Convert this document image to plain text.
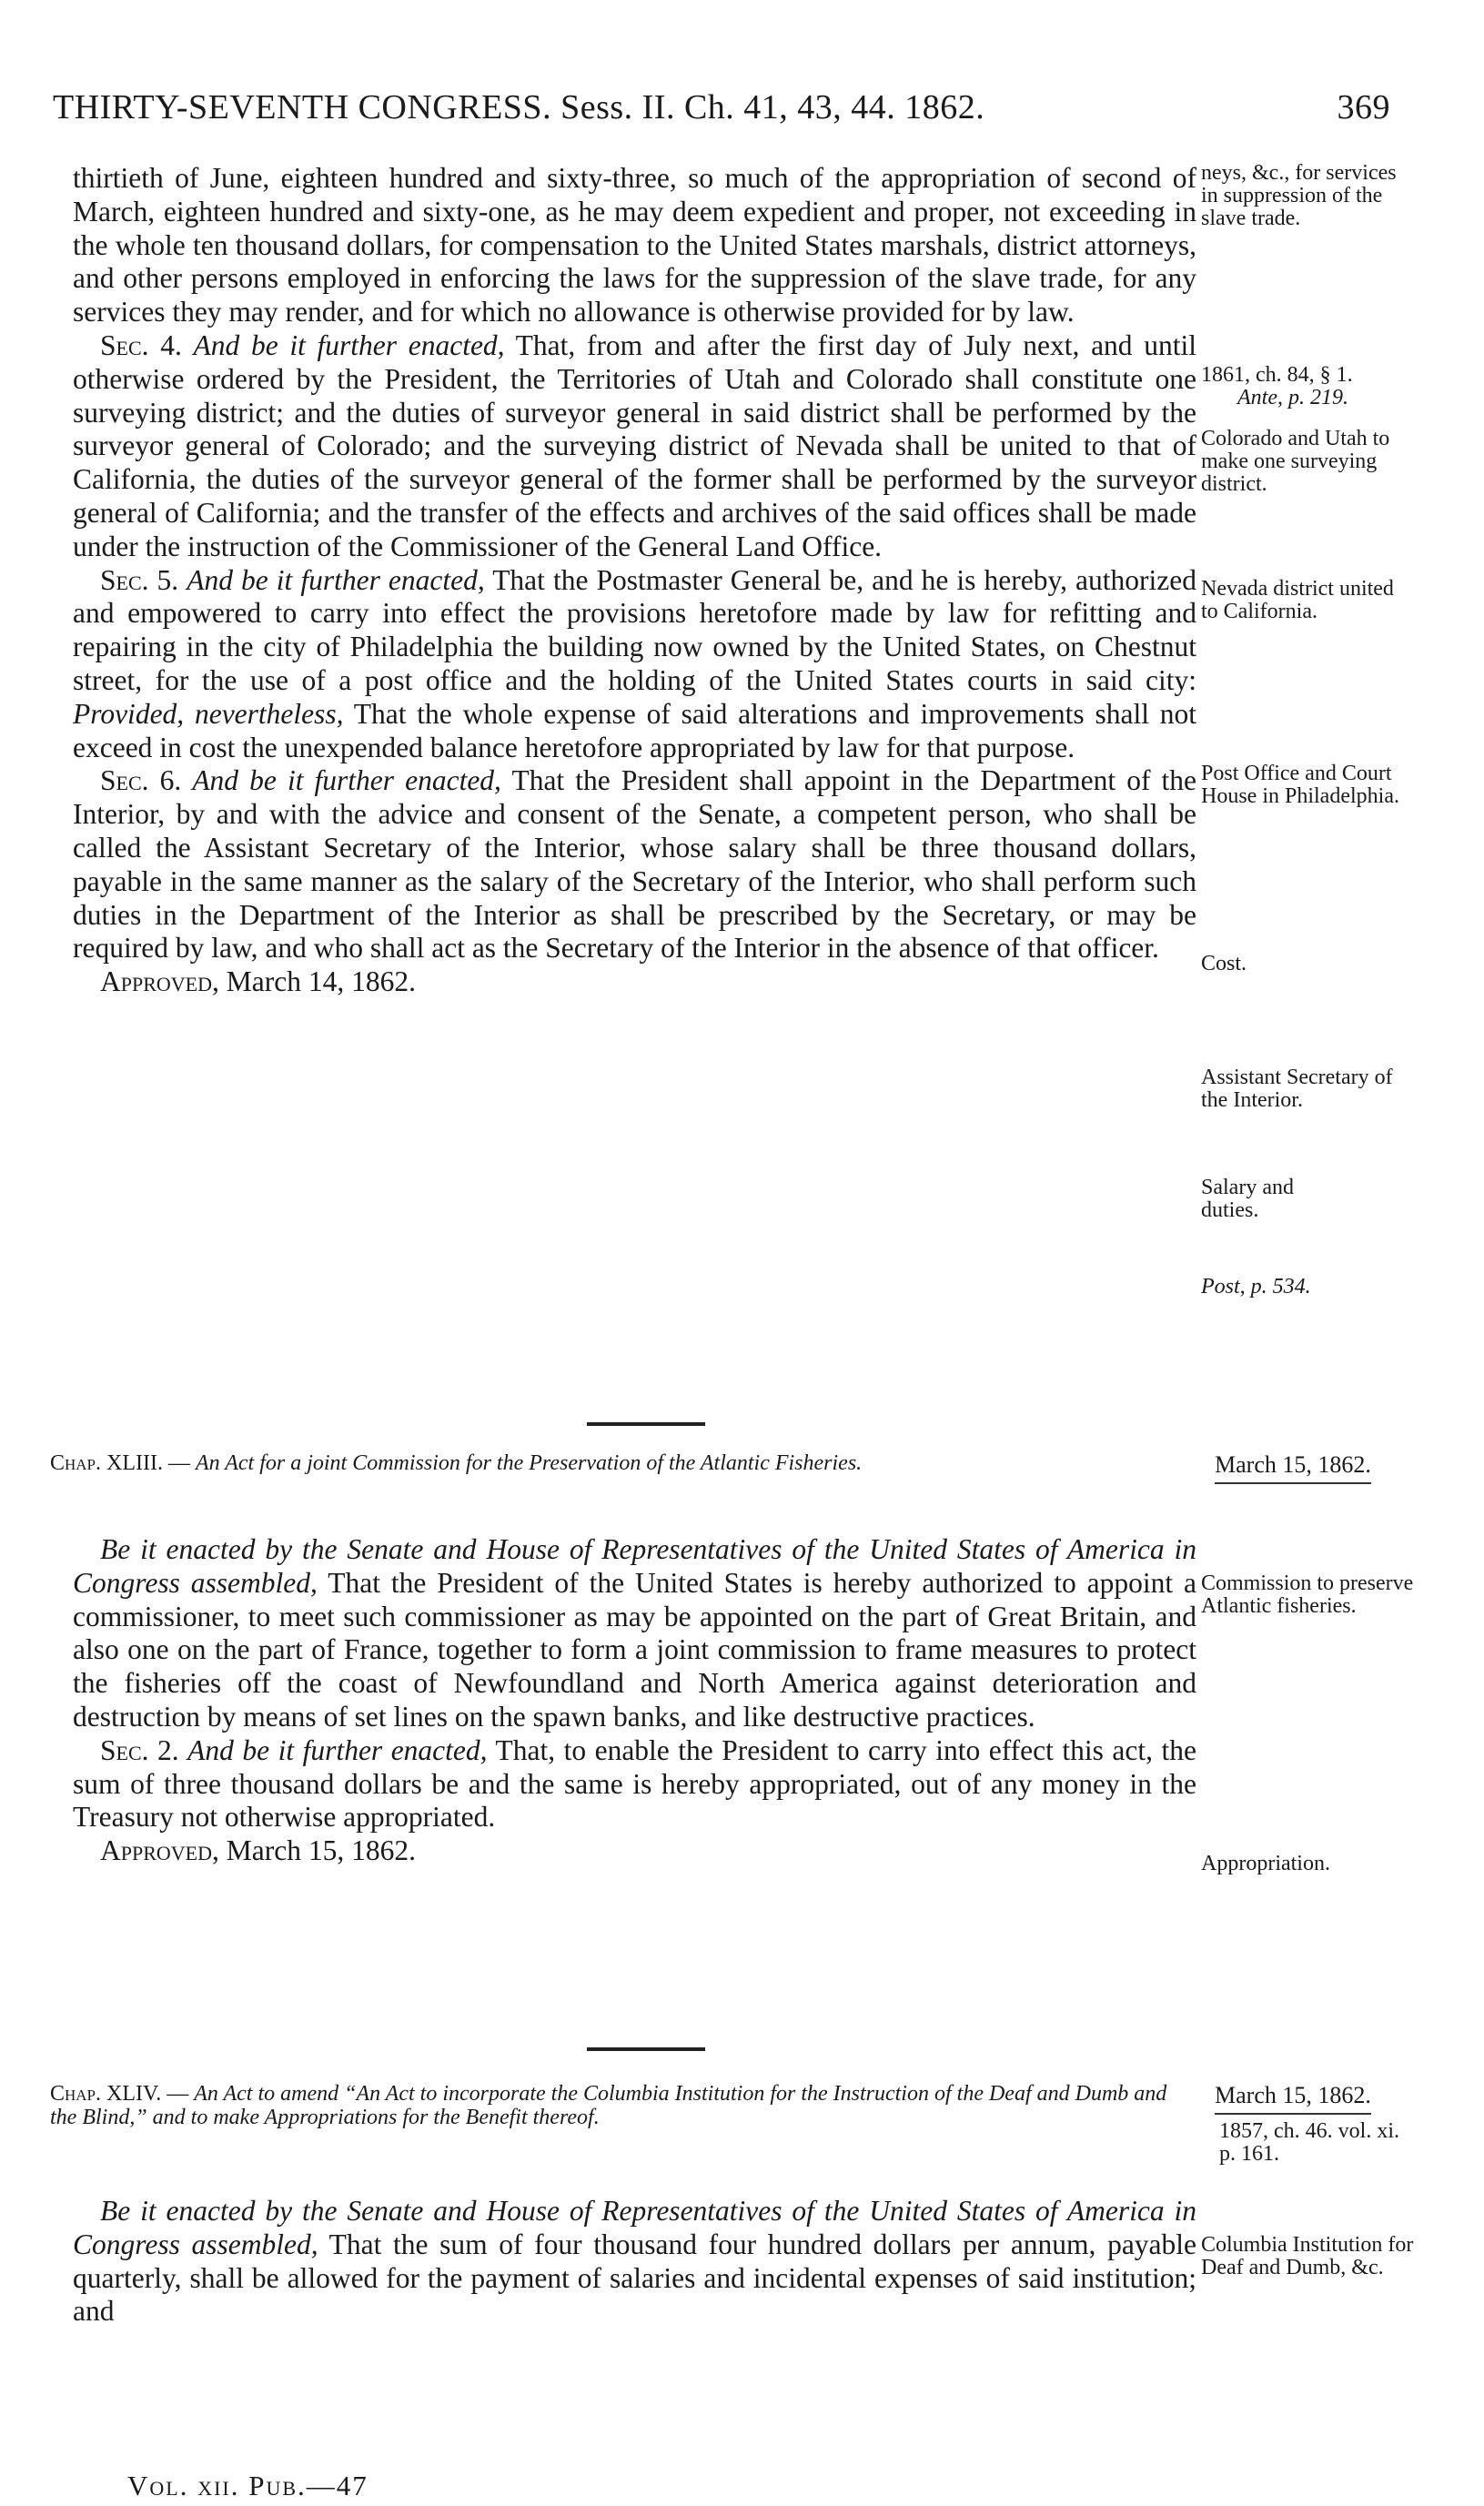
THIRTY-SEVENTH CONGRESS. Sess. II. Ch. 41, 43, 44. 1862.	369

thirtieth of June, eighteen hundred and sixty-three, so much of the appropriation of second of March, eighteen hundred and sixty-one, as he may deem expedient and proper, not exceeding in the whole ten thousand dollars, for compensation to the United States marshals, district attorneys, and other persons employed in enforcing the laws for the suppression of the slave trade, for any services they may render, and for which no allowance is otherwise provided for by law.

Sec. 4. And be it further enacted, That, from and after the first day of July next, and until otherwise ordered by the President, the Territories of Utah and Colorado shall constitute one surveying district; and the duties of surveyor general in said district shall be performed by the surveyor general of Colorado; and the surveying district of Nevada shall be united to that of California, the duties of the surveyor general of the former shall be performed by the surveyor general of California; and the transfer of the effects and archives of the said offices shall be made under the instruction of the Commissioner of the General Land Office.

Sec. 5. And be it further enacted, That the Postmaster General be, and he is hereby, authorized and empowered to carry into effect the provisions heretofore made by law for refitting and repairing in the city of Philadelphia the building now owned by the United States, on Chestnut street, for the use of a post office and the holding of the United States courts in said city: Provided, nevertheless, That the whole expense of said alterations and improvements shall not exceed in cost the unexpended balance heretofore appropriated by law for that purpose.

Sec. 6. And be it further enacted, That the President shall appoint in the Department of the Interior, by and with the advice and consent of the Senate, a competent person, who shall be called the Assistant Secretary of the Interior, whose salary shall be three thousand dollars, payable in the same manner as the salary of the Secretary of the Interior, who shall perform such duties in the Department of the Interior as shall be prescribed by the Secretary, or may be required by law, and who shall act as the Secretary of the Interior in the absence of that officer.

Approved, March 14, 1862.

neys, &c., for services in suppression of the slave trade.
1861, ch. 84, § 1.
Ante, p. 219.
Colorado and Utah to make one surveying district.
Nevada district united to California.
Post Office and Court House in Philadelphia.
Cost.
Assistant Secretary of the Interior.
Salary and duties.
Post, p. 534.
Chap. XLIII. — An Act for a joint Commission for the Preservation of the Atlantic Fisheries.	March 15, 1862.

Be it enacted by the Senate and House of Representatives of the United States of America in Congress assembled, That the President of the United States is hereby authorized to appoint a commissioner, to meet such commissioner as may be appointed on the part of Great Britain, and also one on the part of France, together to form a joint commission to frame measures to protect the fisheries off the coast of Newfoundland and North America against deterioration and destruction by means of set lines on the spawn banks, and like destructive practices.

Sec. 2. And be it further enacted, That, to enable the President to carry into effect this act, the sum of three thousand dollars be and the same is hereby appropriated, out of any money in the Treasury not otherwise appropriated.

Approved, March 15, 1862.

Commission to preserve Atlantic fisheries.
Appropriation.
Chap. XLIV. — An Act to amend “An Act to incorporate the Columbia Institution for the Instruction of the Deaf and Dumb and the Blind,” and to make Appropriations for the Benefit thereof.
March 15, 1862.
1857, ch. 46. vol. xi. p. 161.

Be it enacted by the Senate and House of Representatives of the United States of America in Congress assembled, That the sum of four thousand four hundred dollars per annum, payable quarterly, shall be allowed for the payment of salaries and incidental expenses of said institution; and

Columbia Institution for Deaf and Dumb, &c.
Vol. xii. Pub.—47
